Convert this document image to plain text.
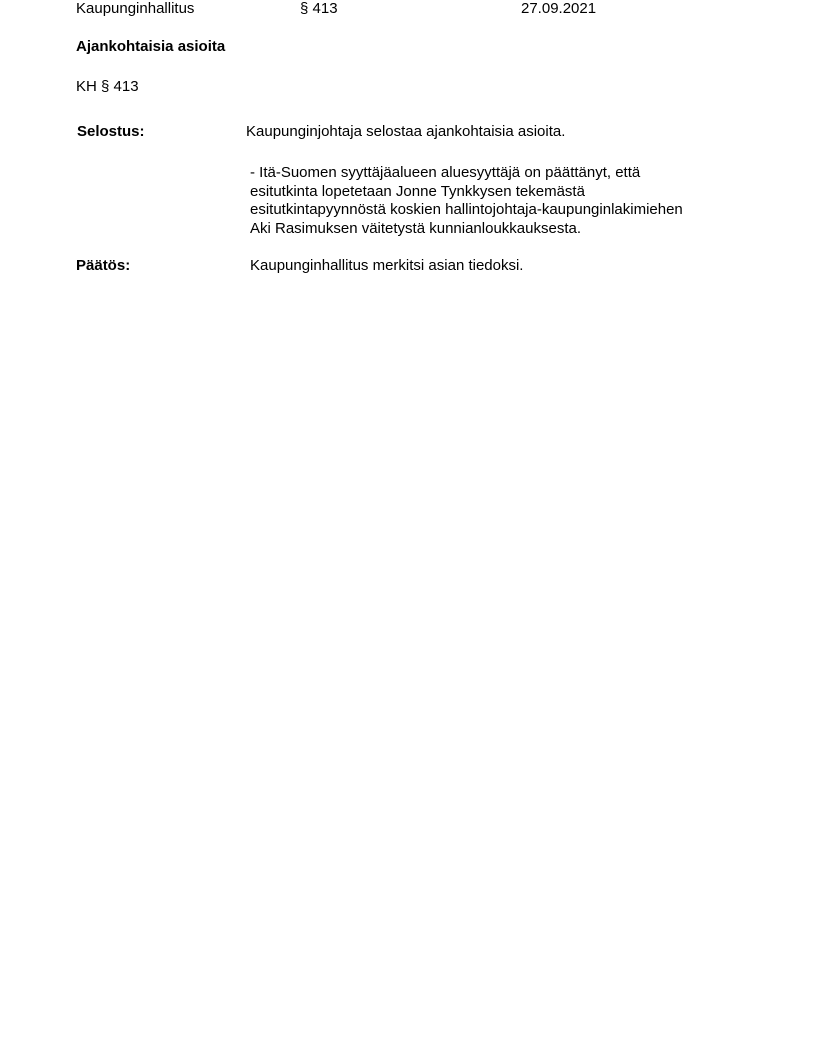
Kaupunginhallitus	§ 413	27.09.2021
Ajankohtaisia asioita
KH § 413
Selostus:	Kaupunginjohtaja selostaa ajankohtaisia asioita.
- Itä-Suomen syyttäjäalueen aluesyyttäjä on päättänyt, että
esitutkinta lopetetaan Jonne Tynkkysen tekemästä
esitutkintapyynnöstä koskien hallintojohtaja-kaupunginlakimiehen
Aki Rasimuksen väitetystä kunnianloukkauksesta.
Päätös:	Kaupunginhallitus merkitsi asian tiedoksi.
